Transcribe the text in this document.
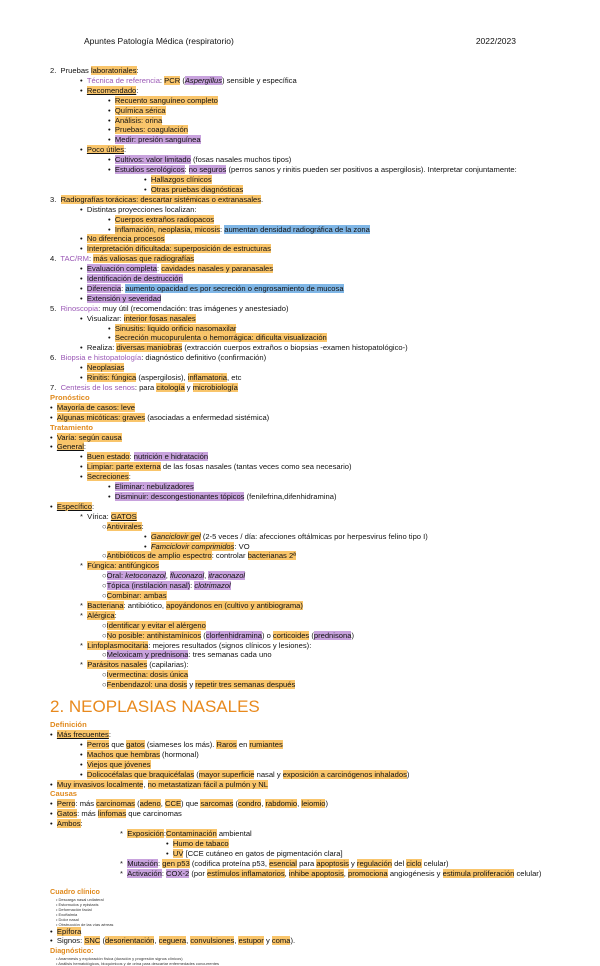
Apuntes Patología Médica (respiratorio)	2022/2023
2.  Pruebas laboratoriales:
•  Técnica de referencia: PCR (Aspergillus) sensible y específica
•  Recomendado:
•  Recuento sanguíneo completo
•  Química sérica
•  Análisis: orina
•  Pruebas: coagulación
•  Medir: presión sanguínea
•  Poco útiles:
•  Cultivos: valor limitado (fosas nasales muchos tipos)
•  Estudios serológicos: no seguros (perros sanos y rinitis pueden ser positivos a aspergilosis). Interpretar conjuntamente:
•  Hallazgos clínicos
•  Otras pruebas diagnósticas
3.  Radiografías torácicas: descartar sistémicas o extranasales.
•  Distintas proyecciones localizan:
•  Cuerpos extraños radiopacos
•  Inflamación, neoplasia, micosis: aumentan densidad radiográfica de la zona
•  No diferencia procesos
•  Interpretación dificultada: superposición de estructuras
4.  TAC/RM: más valiosas que radiografías
•  Evaluación completa: cavidades nasales y paranasales
•  Identificación de destrucción
•  Diferencia: aumento opacidad es por secreción o engrosamiento de mucosa
•  Extensión y severidad
5.  Rinoscopia: muy útil (recomendación: tras imágenes y anestesiado)
•  Visualizar: interior fosas nasales
•  Sinusitis: liquido orificio nasomaxilar
•  Secreción mucopurulenta o hemorrágica: dificulta visualización
•  Realiza: diversas maniobras (extracción cuerpos extraños o biopsias -examen histopatológico-)
6.  Biopsia e histopatología: diagnóstico definitivo (confirmación)
•  Neoplasias
•  Rinitis: fúngica (aspergilosis), inflamatoria, etc
7.  Centesis de los senos: para citología y microbiología
Pronóstico
•  Mayoría de casos: leve
•  Algunas micóticas: graves (asociadas a enfermedad sistémica)
Tratamiento
•  Varía: según causa
•  General:
•  Buen estado: nutrición e hidratación
•  Limpiar: parte externa de las fosas nasales (tantas veces como sea necesario)
•  Secreciones:
•  Eliminar: nebulizadores
•  Disminuir: descongestionantes tópicos (fenilefrina,difenhidramina)
•  Específico:
*  Vírica: GATOS
○Antivirales:
•  Ganciclovir gel (2-5 veces / día: afecciones oftálmicas por herpesvirus felino tipo I)
•  Famciclovir comprimidos: VO
○Antibióticos de amplio espectro: controlar bacterianas 2ª
*  Fúngica: antifúngicos
○Oral: ketoconazol, fluconazol, itraconazol
○Tópica (instilación nasal): clotrimazol
○Combinar: ambas
*  Bacteriana: antibiótico, apoyándonos en (cultivo y antibiograma)
*  Alérgica:
○Identificar y evitar el alérgeno
○No posible: antihistamínicos (clorfenhidramina) o corticoides (prednisona)
*  Linfoplasmocitaria: mejores resultados (signos clínicos y lesiones):
○Meloxicam y prednisona: tres semanas cada uno
*  Parásitos nasales (capilarias):
○Ivermectina: dosis única
○Fenbendazol: una dosis y repetir tres semanas después
2. NEOPLASIAS NASALES
Definición
•  Más frecuentes:
•  Perros que gatos (siameses los más). Raros en rumiantes
•  Machos que hembras (hormonal)
•  Viejos que jóvenes
•  Dolicocéfalas que braquicéfalas (mayor superficie nasal y exposición a carcinógenos inhalados)
•  Muy invasivos localmente, no metastatizan fácil a pulmón y NL
Causas
•  Perro: más carcinomas (adeno, CCE) que sarcomas (condro, rabdomio, leiomio)
•  Gatos: más linfomas que carcinomas
•  Ambos:
*  Exposición:Contaminación ambiental
•  Humo de tabaco
•  UV [CCE cutáneo en gatos de pigmentación clara]
*  Mutación: gen p53 (codifica proteína p53, esencial para apoptosis y regulación del ciclo celular)
*  Activación: COX-2 (por estímulos inflamatorios, inhibe apoptosis, promociona angiogénesis y estimula proliferación celular)
Cuadro clínico
• Descarga nasal unilateral
• Estornudos y epistaxis
• Deformación facial
• Exoftalmia
• Dolor nasal
• Obstrucción de las vías aéreas
•  Epífora
•  Signos: SNC (desorientación, ceguera, convulsiones, estupor y coma).
Diagnóstico:
• Anamnesis y exploración física (duración y progresión signos clínicos)
• Análisis hematológicos, bioquímicos y de orina para descartar enfermedades concurrentes
